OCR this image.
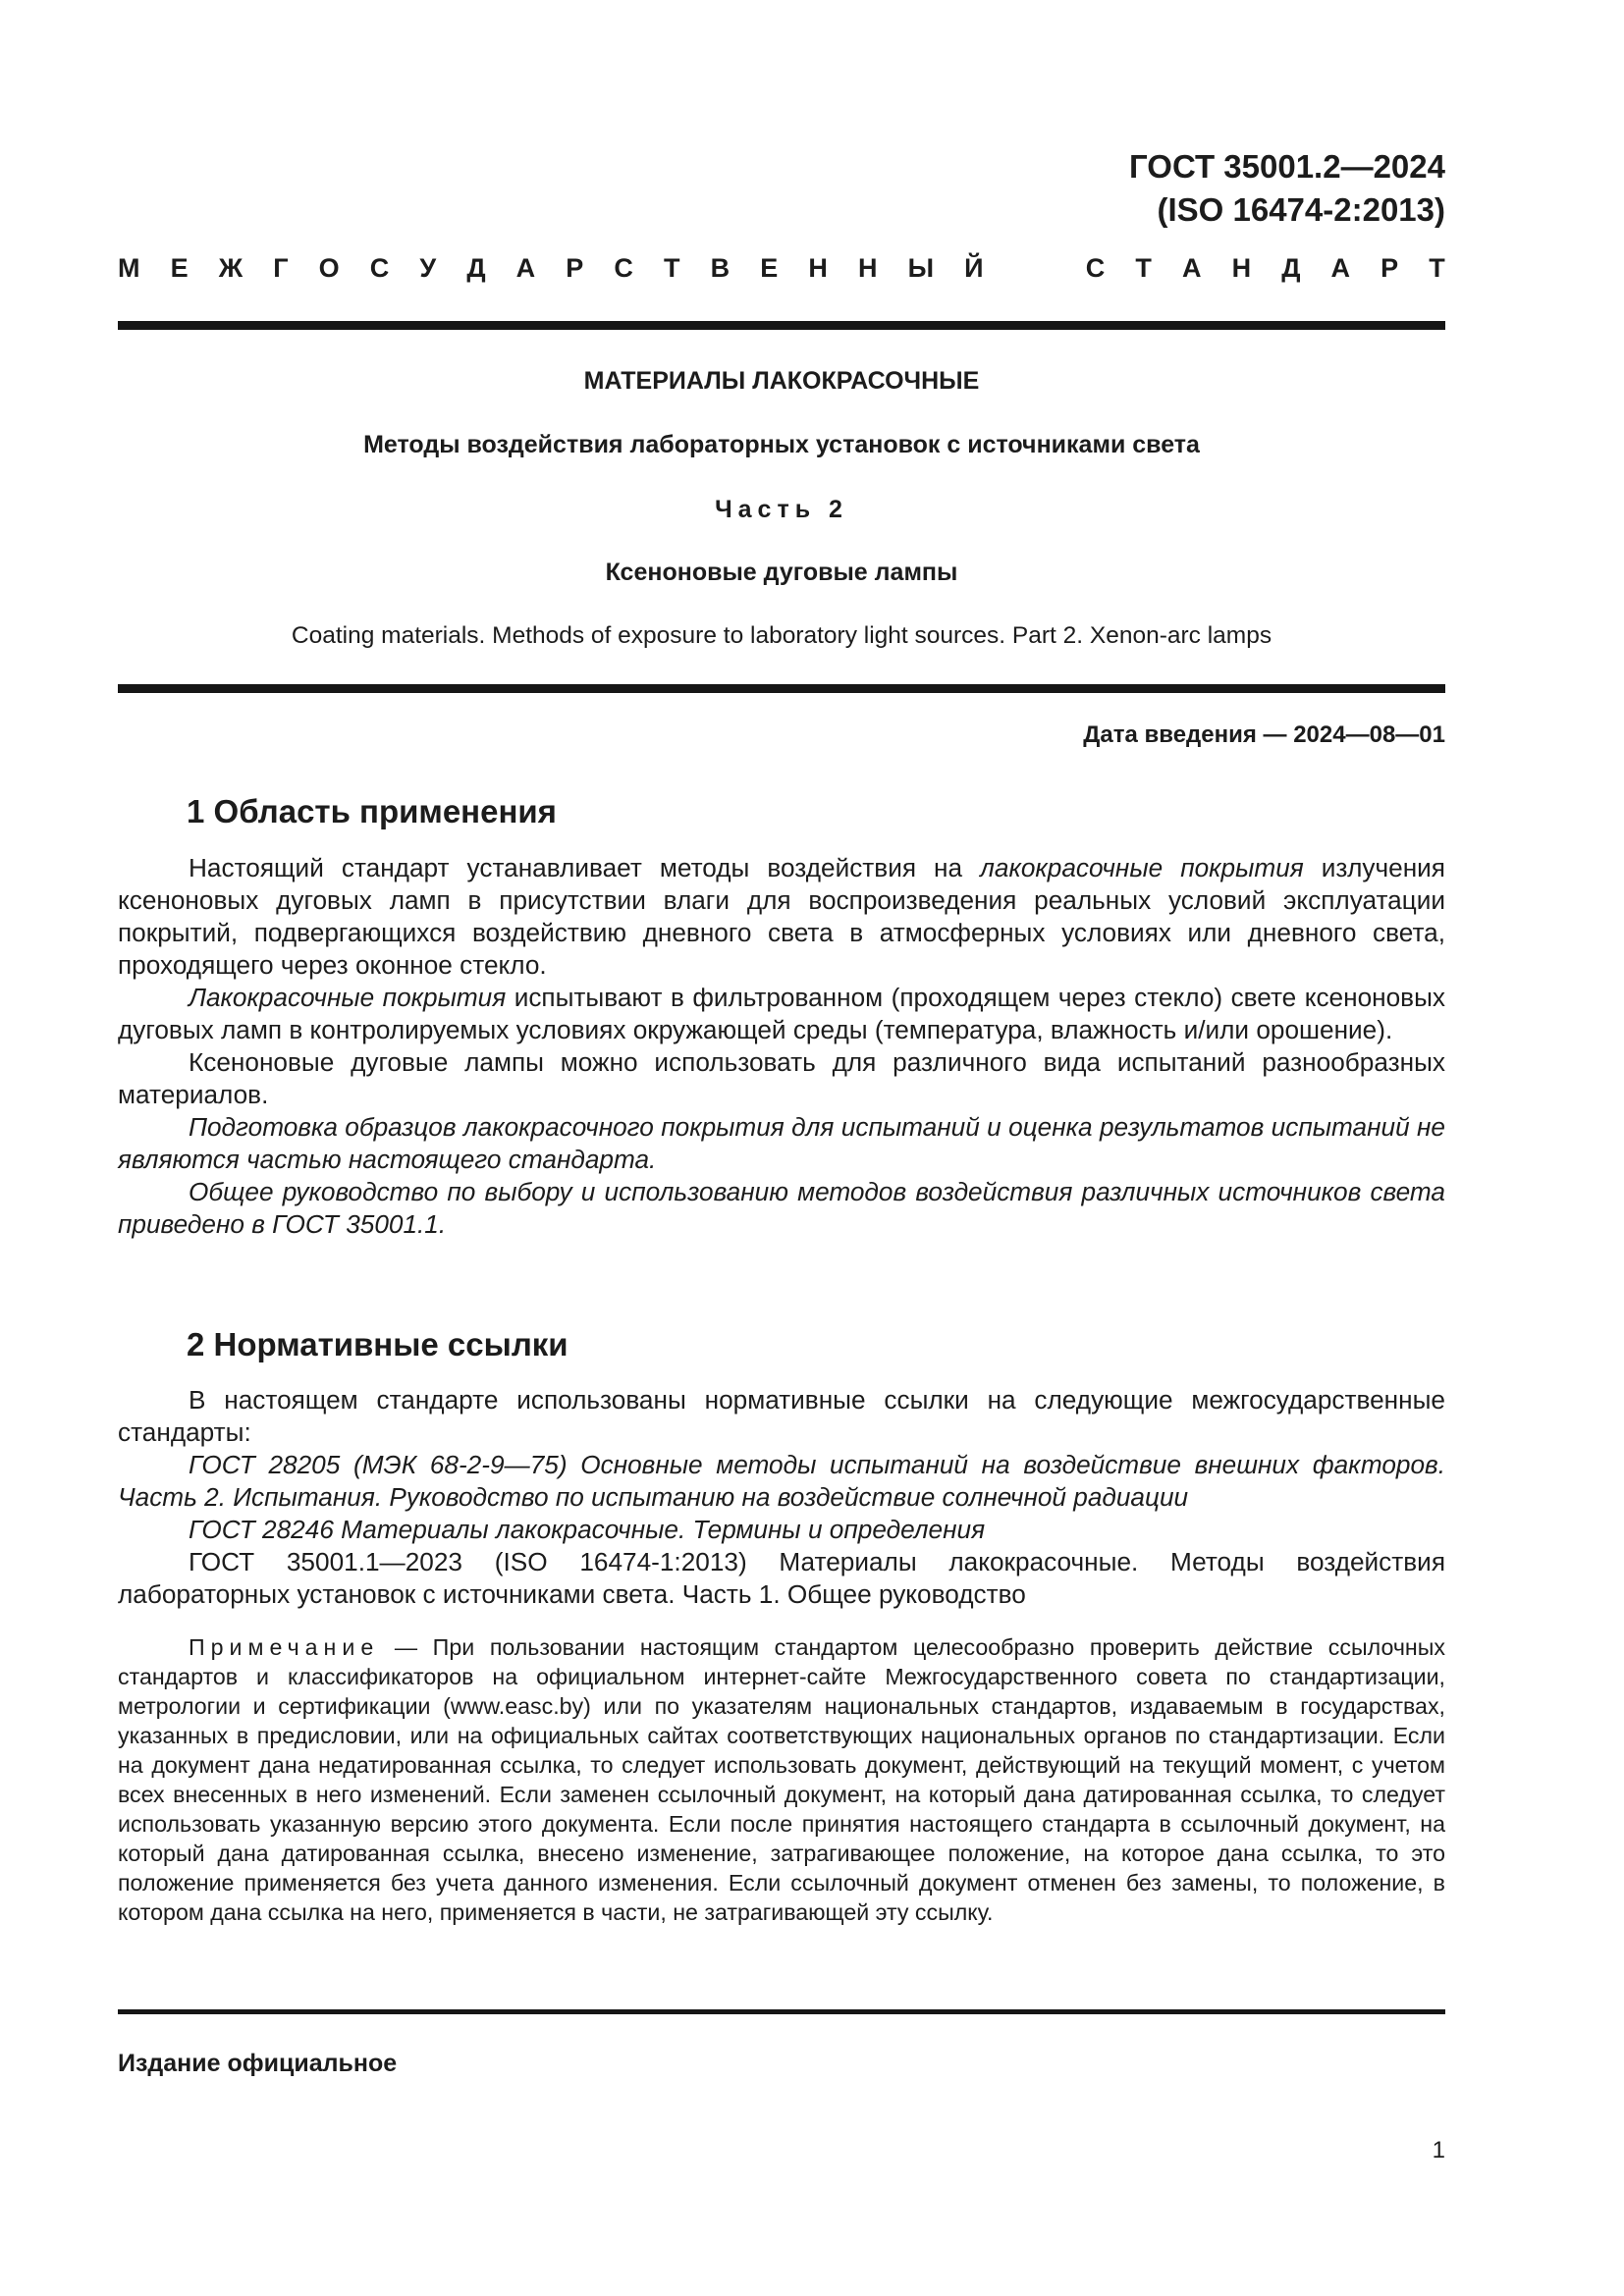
ГОСТ 35001.2—2024
(ISO 16474-2:2013)
М Е Ж Г О С У Д А Р С Т В Е Н Н Ы Й	С Т А Н Д А Р Т
МАТЕРИАЛЫ ЛАКОКРАСОЧНЫЕ
Методы воздействия лабораторных установок с источниками света
Часть 2
Ксеноновые дуговые лампы
Coating materials. Methods of exposure to laboratory light sources. Part 2. Xenon-arc lamps
Дата введения — 2024—08—01
1 Область применения

Настоящий стандарт устанавливает методы воздействия на лакокрасочные покрытия излучения ксеноновых дуговых ламп в присутствии влаги для воспроизведения реальных условий эксплуатации покрытий, подвергающихся воздействию дневного света в атмосферных условиях или дневного света, проходящего через оконное стекло.

Лакокрасочные покрытия испытывают в фильтрованном (проходящем через стекло) свете ксеноновых дуговых ламп в контролируемых условиях окружающей среды (температура, влажность и/или орошение).

Ксеноновые дуговые лампы можно использовать для различного вида испытаний разнообразных материалов.

Подготовка образцов лакокрасочного покрытия для испытаний и оценка результатов испытаний не являются частью настоящего стандарта.

Общее руководство по выбору и использованию методов воздействия различных источников света приведено в ГОСТ 35001.1.

2 Нормативные ссылки

В настоящем стандарте использованы нормативные ссылки на следующие межгосударственные стандарты:

ГОСТ 28205 (МЭК 68-2-9—75) Основные методы испытаний на воздействие внешних факторов. Часть 2. Испытания. Руководство по испытанию на воздействие солнечной радиации

ГОСТ 28246 Материалы лакокрасочные. Термины и определения

ГОСТ 35001.1—2023 (ISO 16474-1:2013) Материалы лакокрасочные. Методы воздействия лабораторных установок с источниками света. Часть 1. Общее руководство

Примечание — При пользовании настоящим стандартом целесообразно проверить действие ссылочных стандартов и классификаторов на официальном интернет-сайте Межгосударственного совета по стандартизации, метрологии и сертификации (www.easc.by) или по указателям национальных стандартов, издаваемым в государствах, указанных в предисловии, или на официальных сайтах соответствующих национальных органов по стандартизации. Если на документ дана недатированная ссылка, то следует использовать документ, действующий на текущий момент, с учетом всех внесенных в него изменений. Если заменен ссылочный документ, на который дана датированная ссылка, то следует использовать указанную версию этого документа. Если после принятия настоящего стандарта в ссылочный документ, на который дана датированная ссылка, внесено изменение, затрагивающее положение, на которое дана ссылка, то это положение применяется без учета данного изменения. Если ссылочный документ отменен без замены, то положение, в котором дана ссылка на него, применяется в части, не затрагивающей эту ссылку.
Издание официальное
1
